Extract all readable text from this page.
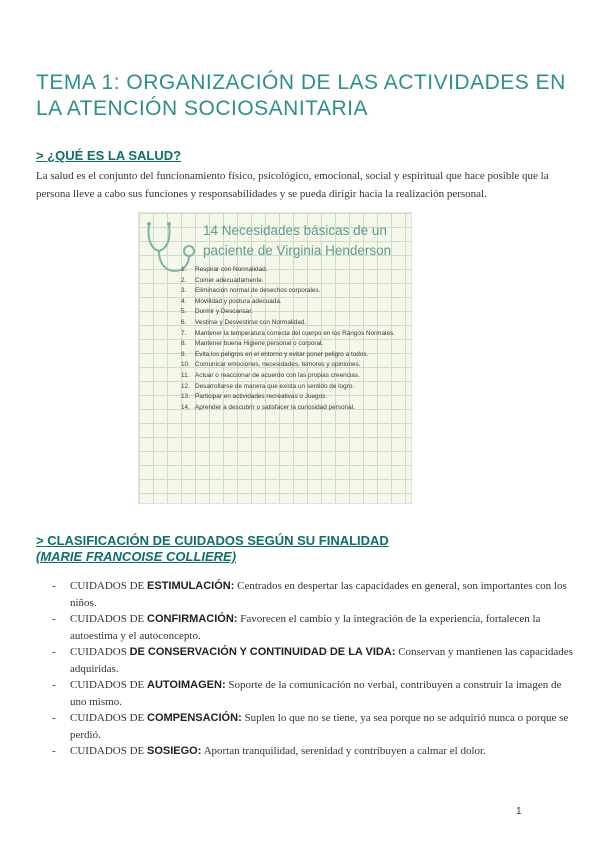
TEMA 1: ORGANIZACIÓN DE LAS ACTIVIDADES EN LA ATENCIÓN SOCIOSANITARIA
> ¿QUÉ ES LA SALUD?
La salud es el conjunto del funcionamiento físico, psicológico, emocional, social y espiritual que hace posible que la persona lleve a cabo sus funciones y responsabilidades y se pueda dirigir hacia la realización personal.
14 Necesidades básicas de un paciente de Virginia Henderson
1.	Respirar con Normalidad.
2.	Comer adecuadamente.
3.	Eliminación normal de desechos corporales.
4.	Movilidad y postura adecuada.
5.	Dormir y Descansar.
6.	Vestirse y Desvestirse con Normalidad.
7.	Mantener la temperatura correcta del cuerpo en los Rangos Normales.
8.	Mantener buena Higiene personal o corporal.
9.	Evita los peligros en el entorno y evitar poner peligro a todos.
10. Comunicar emociones, necesidades, temores y opiniones.
11. Actuar o reaccionar de acuerdo con las propias creencias.
12. Desarrollarse de manera que exista un sentido de logro.
13. Participar en actividades recreativas o Juegos.
14. Aprender a descubrir o satisfacer la curiosidad personal.
> CLASIFICACIÓN DE CUIDADOS SEGÚN SU FINALIDAD
(MARIE FRANCOISE COLLIERE)
- CUIDADOS DE ESTIMULACIÓN: Centrados en despertar las capacidades en general, son importantes con los niños.
- CUIDADOS DE CONFIRMACIÓN: Favorecen el cambio y la integración de la experiencia, fortalecen la autoestima y el autoconcepto.
- CUIDADOS DE CONSERVACIÓN Y CONTINUIDAD DE LA VIDA: Conservan y mantienen las capacidades adquiridas.
- CUIDADOS DE AUTOIMAGEN: Soporte de la comunicación no verbal, contribuyen a construir la imagen de uno mismo.
- CUIDADOS DE COMPENSACIÓN: Suplen lo que no se tiene, ya sea porque no se adquirió nunca o porque se perdió.
- CUIDADOS DE SOSIEGO: Aportan tranquilidad, serenidad y contribuyen a calmar el dolor.
1
